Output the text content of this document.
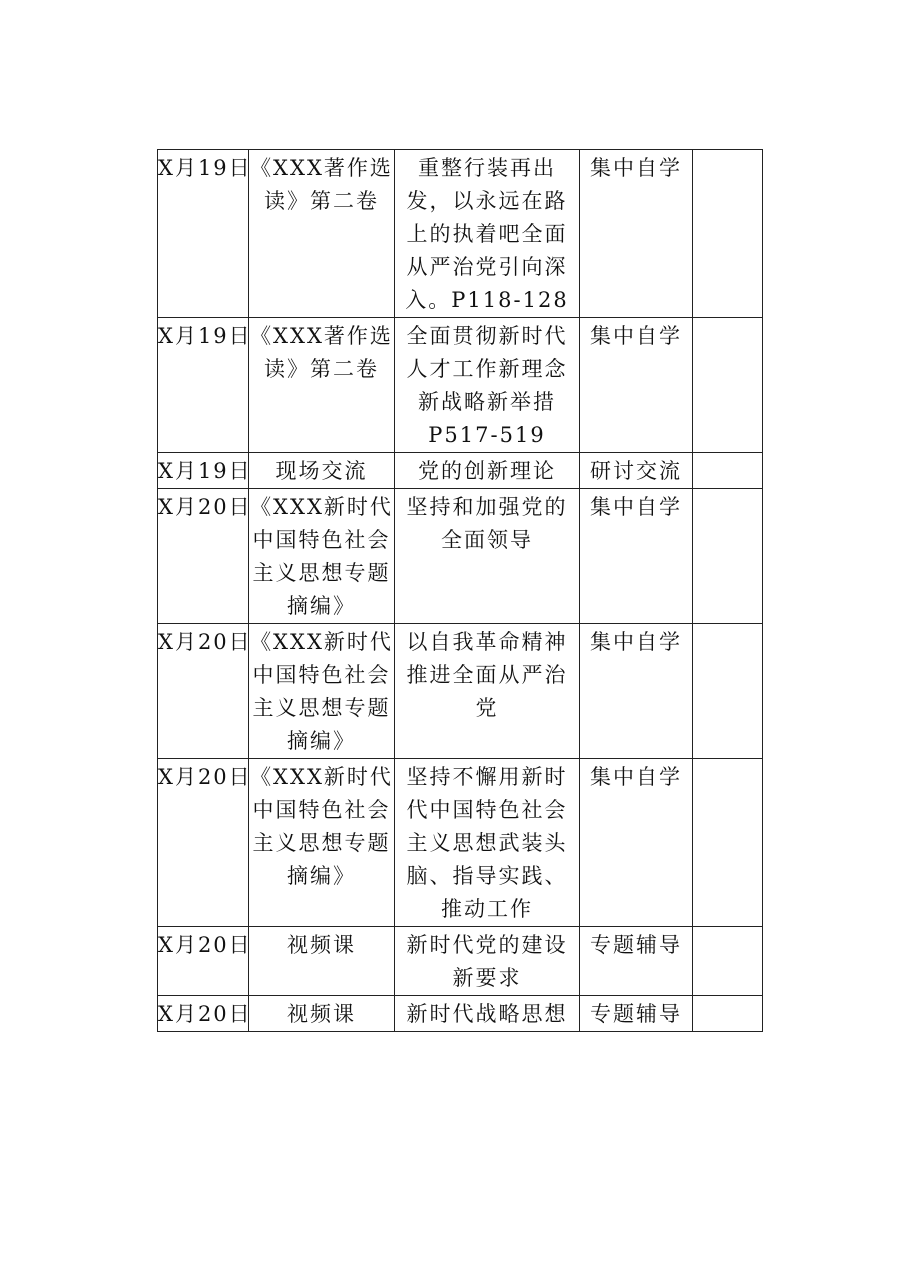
X月19日	《XXX著作选
读》第二卷	重整行装再出
发，以永远在路
上的执着吧全面
从严治党引向深
入。P118-128	集中自学	
X月19日	《XXX著作选
读》第二卷	全面贯彻新时代
人才工作新理念
新战略新举措
P517-519	集中自学	
X月19日	现场交流	党的创新理论	研讨交流	
X月20日	《XXX新时代
中国特色社会
主义思想专题
摘编》	坚持和加强党的
全面领导	集中自学	
X月20日	《XXX新时代
中国特色社会
主义思想专题
摘编》	以自我革命精神
推进全面从严治
党	集中自学	
X月20日	《XXX新时代
中国特色社会
主义思想专题
摘编》	坚持不懈用新时
代中国特色社会
主义思想武装头
脑、指导实践、
推动工作	集中自学	
X月20日	视频课	新时代党的建设
新要求	专题辅导	
X月20日	视频课	新时代战略思想	专题辅导	
